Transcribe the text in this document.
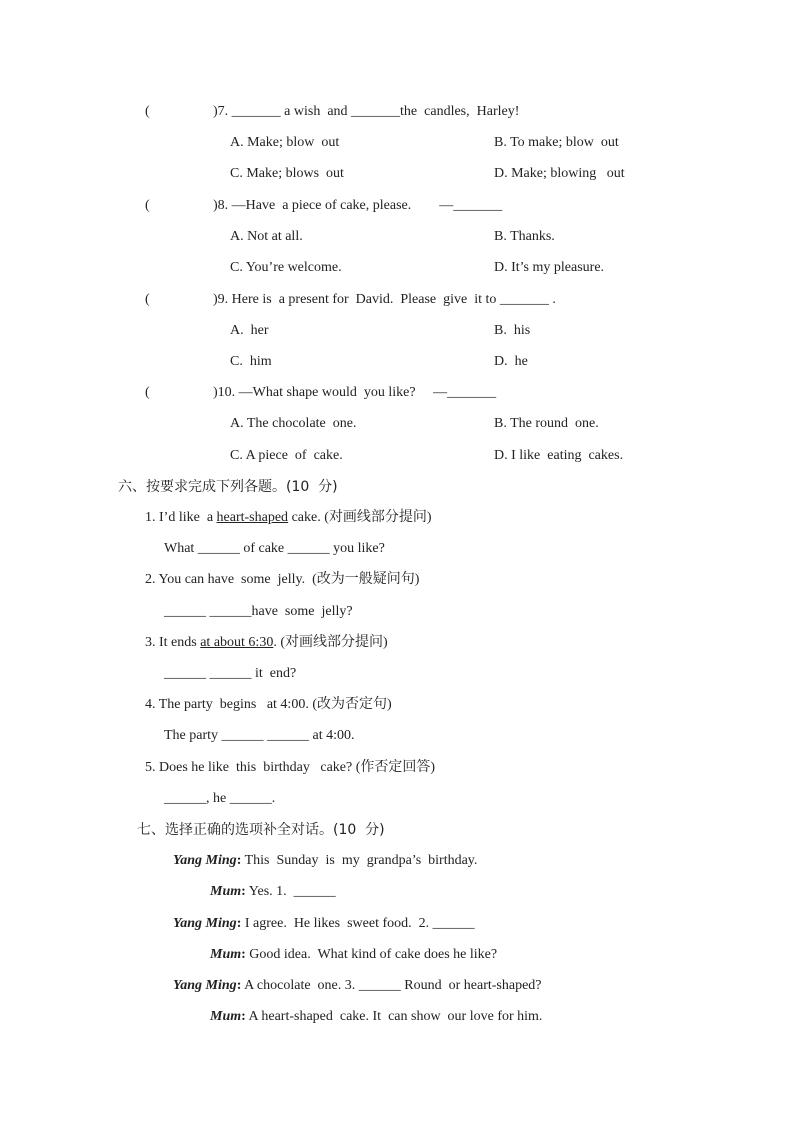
(	)7. _______ a wish  and _______the  candles,  Harley!
A. Make; blow  out	B. To make; blow  out
C. Make; blows  out	D. Make; blowing   out
(	)8. —Have  a piece of cake, please.        —_______
A. Not at all.	B. Thanks.
C. You’re welcome.	D. It’s my pleasure.
(	)9. Here is  a present for  David.  Please  give  it to _______ .
A.  her	B.  his
C.  him	D.  he
(	)10. —What shape would  you like?     —_______
A. The chocolate  one.	B. The round  one.
C. A piece  of  cake.	D. I like  eating  cakes.
六、按要求完成下列各题。(10  分)
1. I’d like  a heart-shaped cake. (对画线部分提问)
What ______ of cake ______ you like?
2. You can have  some  jelly.  (改为一般疑问句)
______ ______have  some  jelly?
3. It ends at about 6:30. (对画线部分提问)
______ ______ it  end?
4. The party  begins   at 4:00. (改为否定句)
The party ______ ______ at 4:00.
5. Does he like  this  birthday   cake? (作否定回答)
______, he ______.
七、选择正确的选项补全对话。(10  分)
Yang Ming: This  Sunday  is  my  grandpa’s  birthday.
Mum: Yes. 1.  ______
Yang Ming: I agree.  He likes  sweet food.  2. ______
Mum: Good idea.  What kind of cake does he like?
Yang Ming: A chocolate  one. 3. ______ Round  or heart-shaped?
Mum: A heart-shaped  cake. It  can show  our love for him.
